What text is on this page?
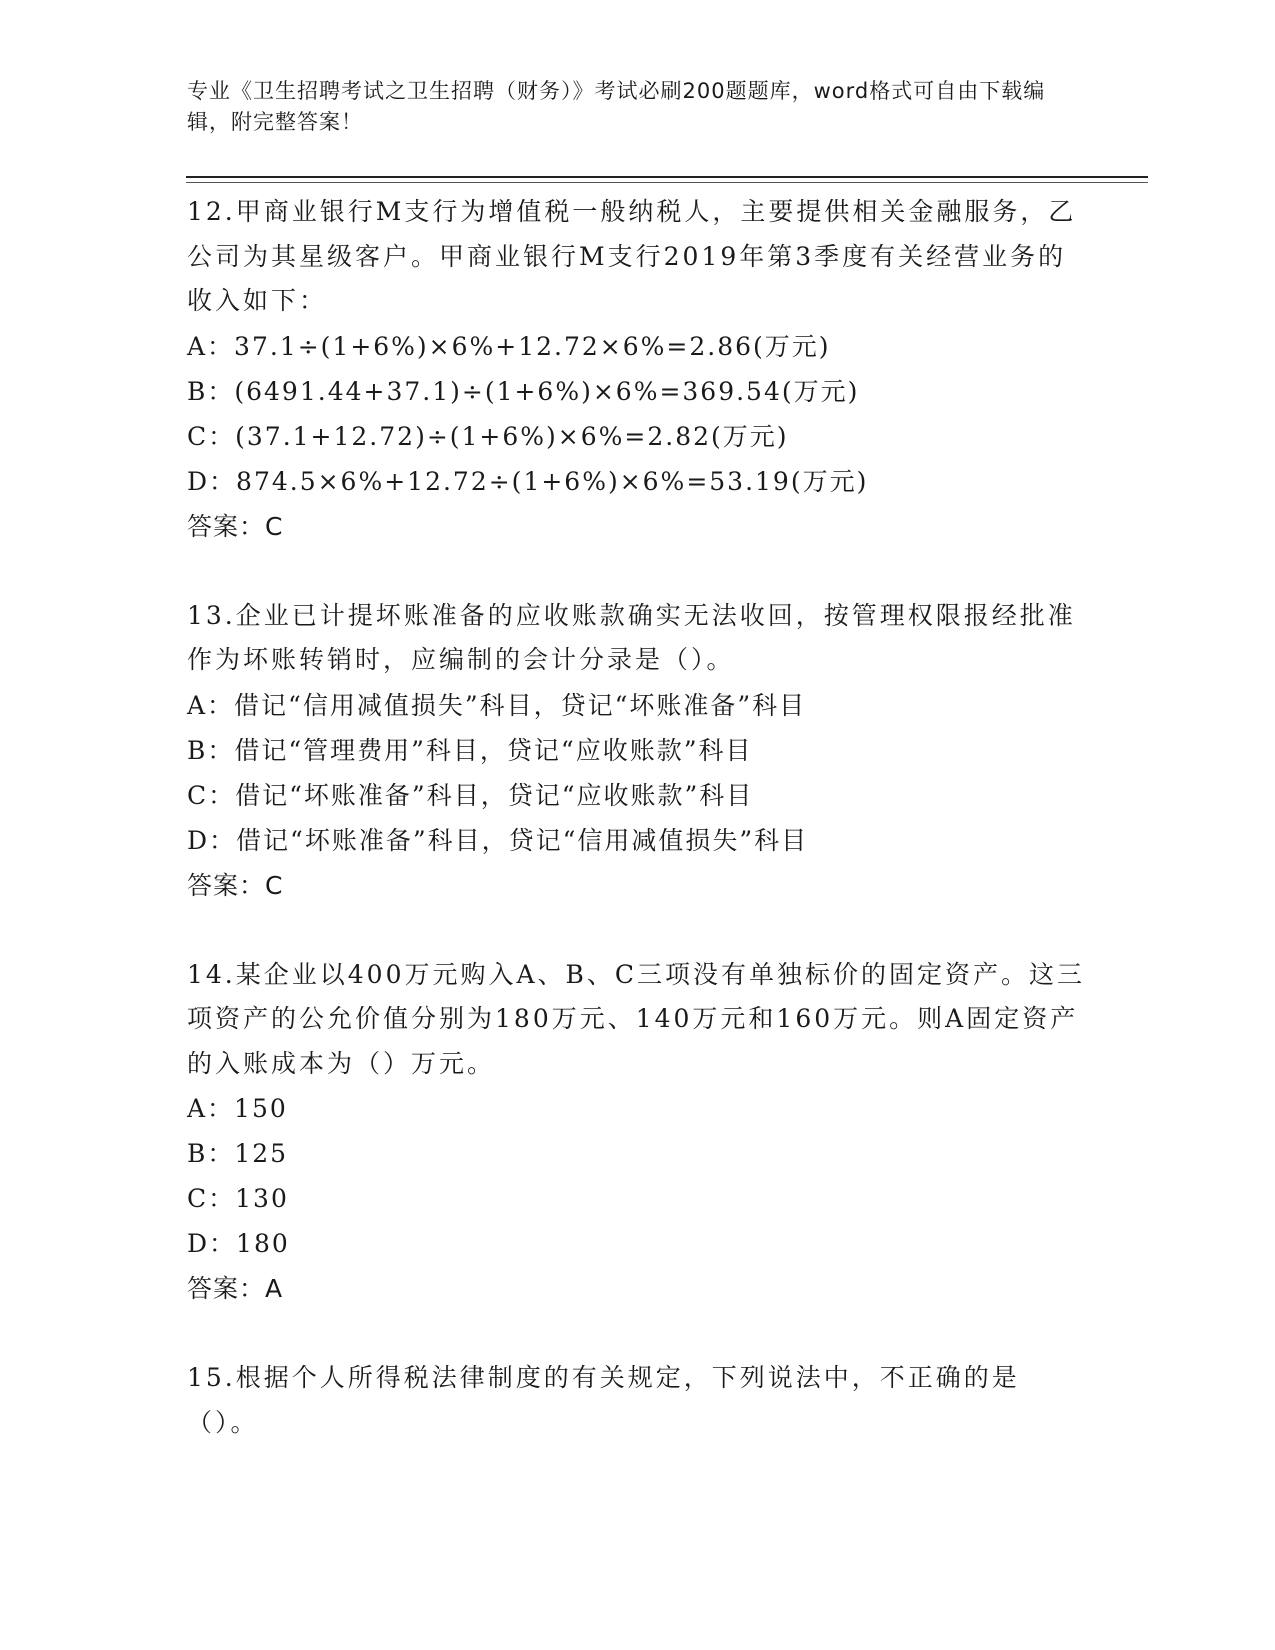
专业《卫生招聘考试之卫生招聘（财务）》考试必刷200题题库，word格式可自由下载编辑，附完整答案！

12.甲商业银行M支行为增值税一般纳税人，主要提供相关金融服务，乙公司为其星级客户。甲商业银行M支行2019年第3季度有关经营业务的收入如下：

A：37.1÷(1+6%)×6%+12.72×6%=2.86(万元)

B：(6491.44+37.1)÷(1+6%)×6%=369.54(万元)

C：(37.1+12.72)÷(1+6%)×6%=2.82(万元)

D：874.5×6%+12.72÷(1+6%)×6%=53.19(万元)

答案：C

13.企业已计提坏账准备的应收账款确实无法收回，按管理权限报经批准作为坏账转销时，应编制的会计分录是（）。

A：借记“信用减值损失”科目，贷记“坏账准备”科目

B：借记“管理费用”科目，贷记“应收账款”科目

C：借记“坏账准备”科目，贷记“应收账款”科目

D：借记“坏账准备”科目，贷记“信用减值损失”科目

答案：C

14.某企业以400万元购入A、B、C三项没有单独标价的固定资产。这三项资产的公允价值分别为180万元、140万元和160万元。则A固定资产的入账成本为（）万元。

A：150

B：125

C：130

D：180

答案：A

15.根据个人所得税法律制度的有关规定，下列说法中，不正确的是（）。
